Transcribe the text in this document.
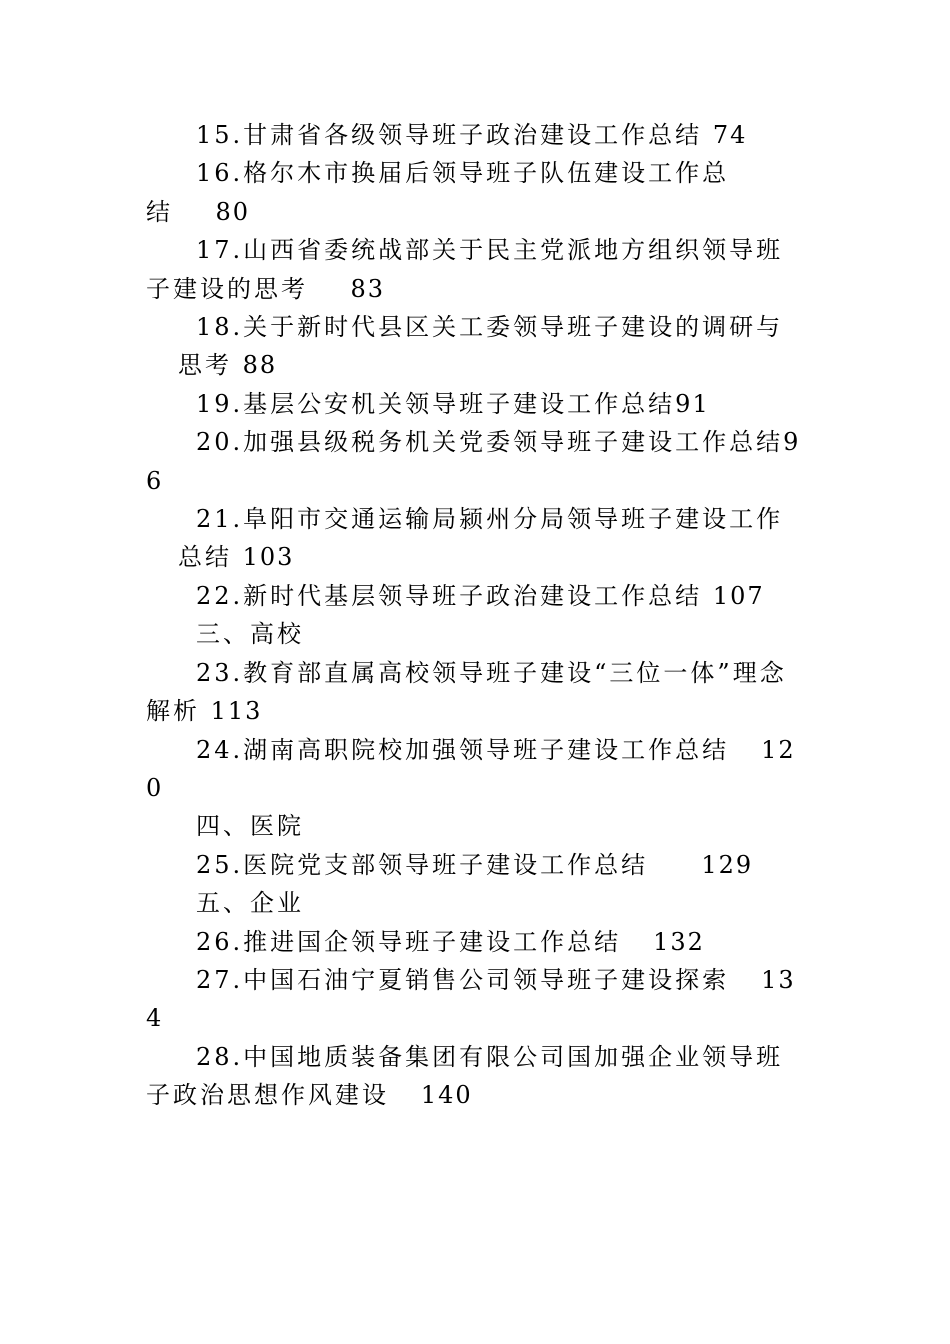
15.甘肃省各级领导班子政治建设工作总结 74

16.格尔木市换届后领导班子队伍建设工作总结 80

17.山西省委统战部关于民主党派地方组织领导班子建设的思考 83

18.关于新时代县区关工委领导班子建设的调研与思考 88

19.基层公安机关领导班子建设工作总结91

20.加强县级税务机关党委领导班子建设工作总结96

21.阜阳市交通运输局颍州分局领导班子建设工作总结 103

22.新时代基层领导班子政治建设工作总结 107

三、高校

23.教育部直属高校领导班子建设“三位一体”理念解析 113

24.湖南高职院校加强领导班子建设工作总结 120

四、医院

25.医院党支部领导班子建设工作总结 129

五、企业

26.推进国企领导班子建设工作总结 132

27.中国石油宁夏销售公司领导班子建设探索 134

28.中国地质装备集团有限公司国加强企业领导班子政治思想作风建设 140
